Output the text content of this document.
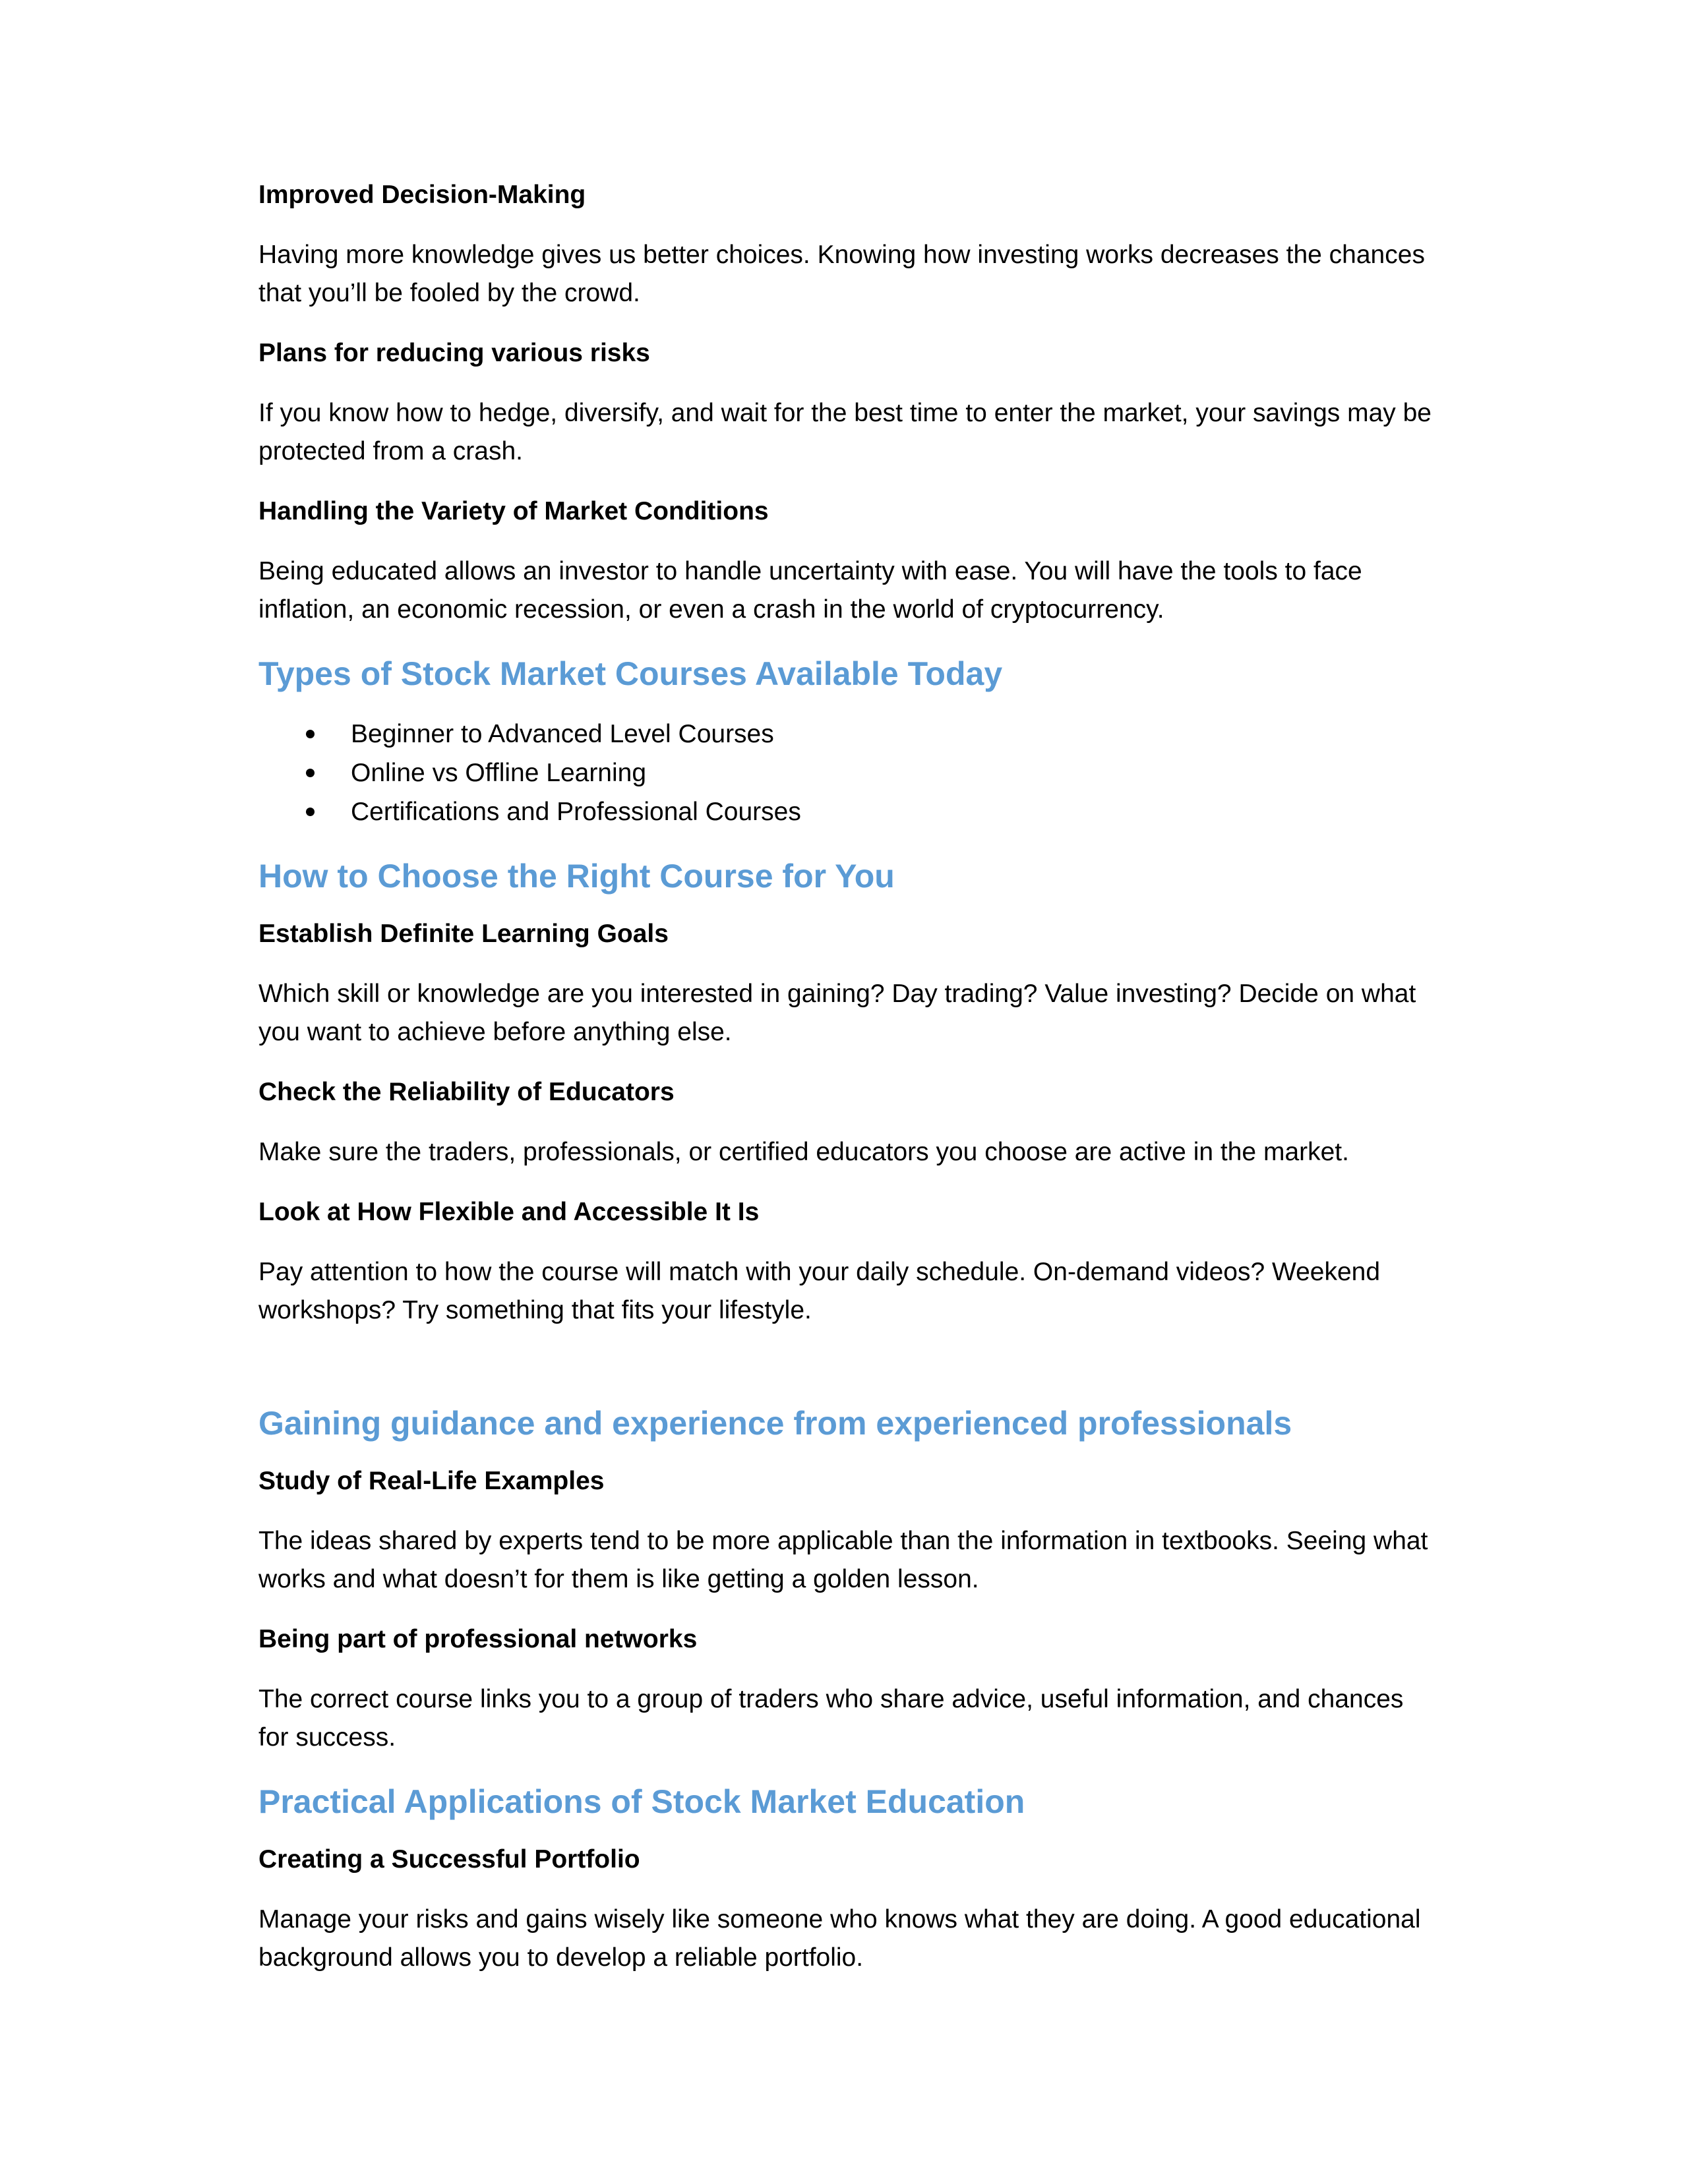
Improved Decision-Making

Having more knowledge gives us better choices. Knowing how investing works decreases the chances that you’ll be fooled by the crowd.

Plans for reducing various risks

If you know how to hedge, diversify, and wait for the best time to enter the market, your savings may be protected from a crash.

Handling the Variety of Market Conditions

Being educated allows an investor to handle uncertainty with ease. You will have the tools to face inflation, an economic recession, or even a crash in the world of cryptocurrency.

Types of Stock Market Courses Available Today
Beginner to Advanced Level Courses
Online vs Offline Learning
Certifications and Professional Courses
How to Choose the Right Course for You

Establish Definite Learning Goals

Which skill or knowledge are you interested in gaining? Day trading? Value investing? Decide on what you want to achieve before anything else.

Check the Reliability of Educators

Make sure the traders, professionals, or certified educators you choose are active in the market.

Look at How Flexible and Accessible It Is

Pay attention to how the course will match with your daily schedule. On-demand videos? Weekend workshops? Try something that fits your lifestyle.

Gaining guidance and experience from experienced professionals

Study of Real-Life Examples

The ideas shared by experts tend to be more applicable than the information in textbooks. Seeing what works and what doesn’t for them is like getting a golden lesson.

Being part of professional networks

The correct course links you to a group of traders who share advice, useful information, and chances for success.

Practical Applications of Stock Market Education

Creating a Successful Portfolio

Manage your risks and gains wisely like someone who knows what they are doing. A good educational background allows you to develop a reliable portfolio.
